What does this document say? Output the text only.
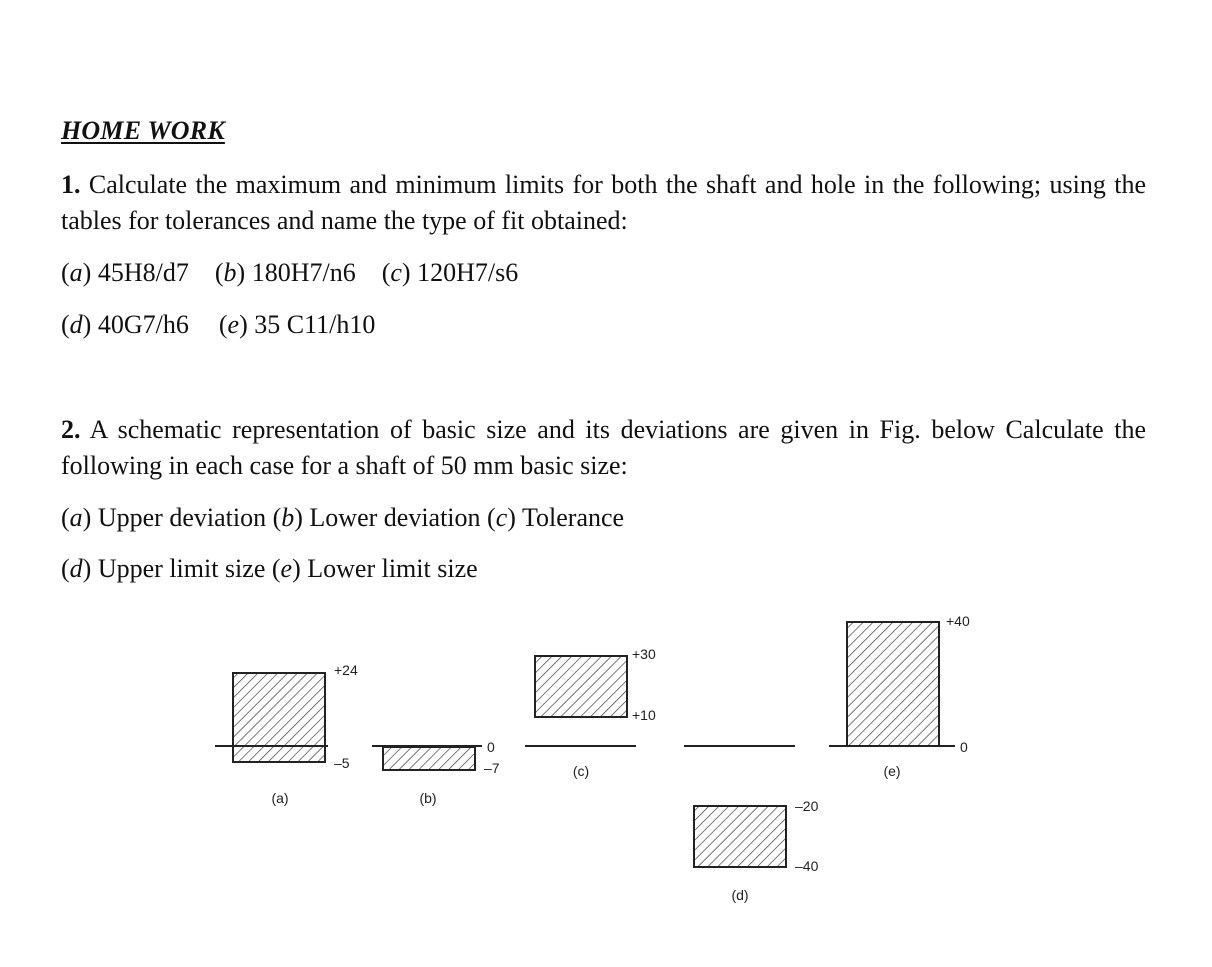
HOME WORK
1. Calculate the maximum and minimum limits for both the shaft and hole in the following; using the tables for tolerances and name the type of fit obtained:
(a) 45H8/d7 (b) 180H7/n6 (c) 120H7/s6
(d) 40G7/h6 (e) 35 C11/h10
2. A schematic representation of basic size and its deviations are given in Fig. below Calculate the following in each case for a shaft of 50 mm basic size:
(a) Upper deviation (b) Lower deviation (c) Tolerance
(d) Upper limit size (e) Lower limit size
+24
–5
(a)
0
–7
(b)
+30
+10
(c)
–20
–40
(d)
+40
0
(e)
